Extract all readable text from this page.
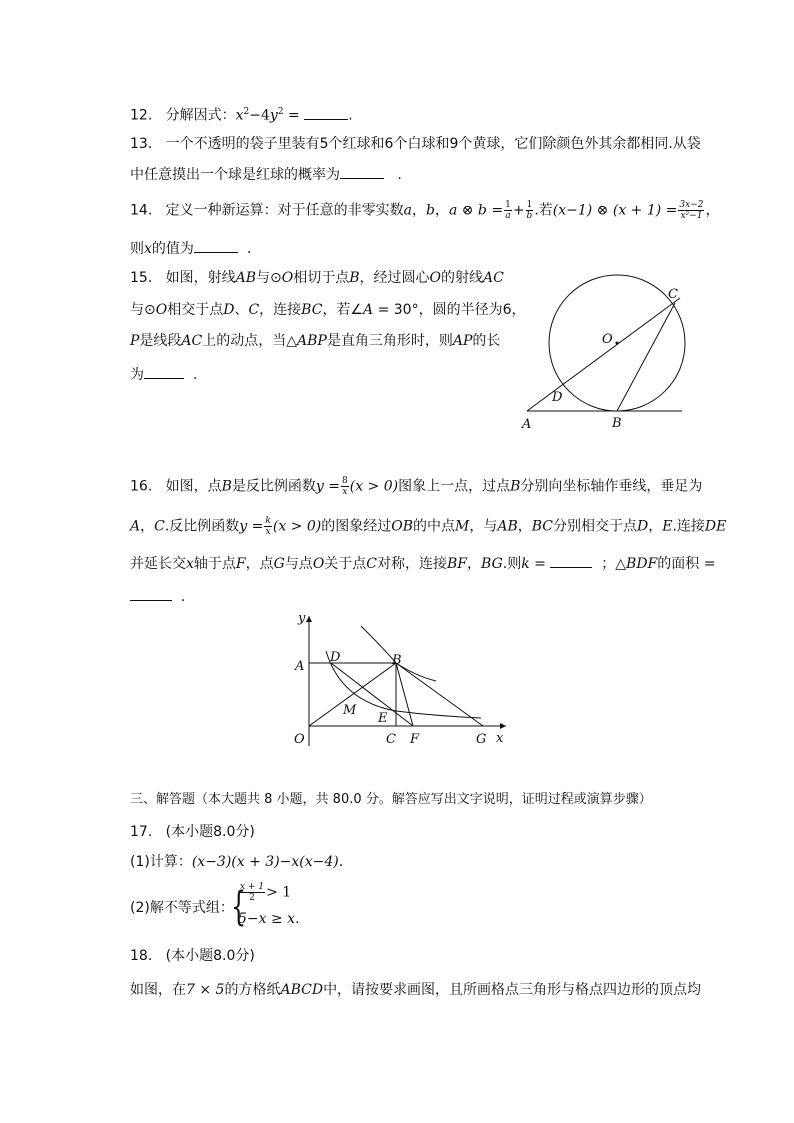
12. 分解因式：$x^2-4y^2$ =	.
13. 一个不透明的袋子里装有5个红球和6个白球和9个黄球，它们除颜色外其余都相同.从袋
中任意摸出一个球是红球的概率为	.
14. 定义一种新运算：对于任意的非零实数a，b，a ⊗ $b = \frac{1}{a} + \frac{1}{b}$ .若(x−1) ⊗ $(x + 1) = \frac{3x-2}{\text{x²−1}}$ ，
则x的值为	.
15. 如图，射线AB与⊙O相切于点B，经过圆心O的射线AC
与⊙O相交于点D、C，连接BC，若∠A = 30°，圆的半径为6，
P是线段AC上的动点，当△ABP是直角三角形时，则AP的长
为	.
C
O
D
A	B
16. 如图，点B是反比例函数$y = \frac{8}{x} (x > 0)$图象上一点，过点B分别向坐标轴作垂线，垂足为
A，C.反比例函数$y = \frac{k}{x} (x > 0)$的图象经过OB的中点M，与AB，BC分别相交于点D，E.连接DE
并延长交x轴于点F，点G与点O关于点C对称，连接BF，BG.则k =	；△BDF的面积 =
.
y
x
A
D	B
M
E
O	C F	G
三、解答题（本大题共 8 小题，共 80.0 分。解答应写出文字说明，证明过程或演算步骤）
17. (本小题8.0分)
(1)计算：(x−3)(x + 3)−x(x−4).
(2)解不等式组：
{
$\frac{x + 1}{2} > 1$
5−x ≥ x.
18. (本小题8.0分)
如图，在7 × 5的方格纸ABCD中，请按要求画图，且所画格点三角形与格点四边形的顶点均
